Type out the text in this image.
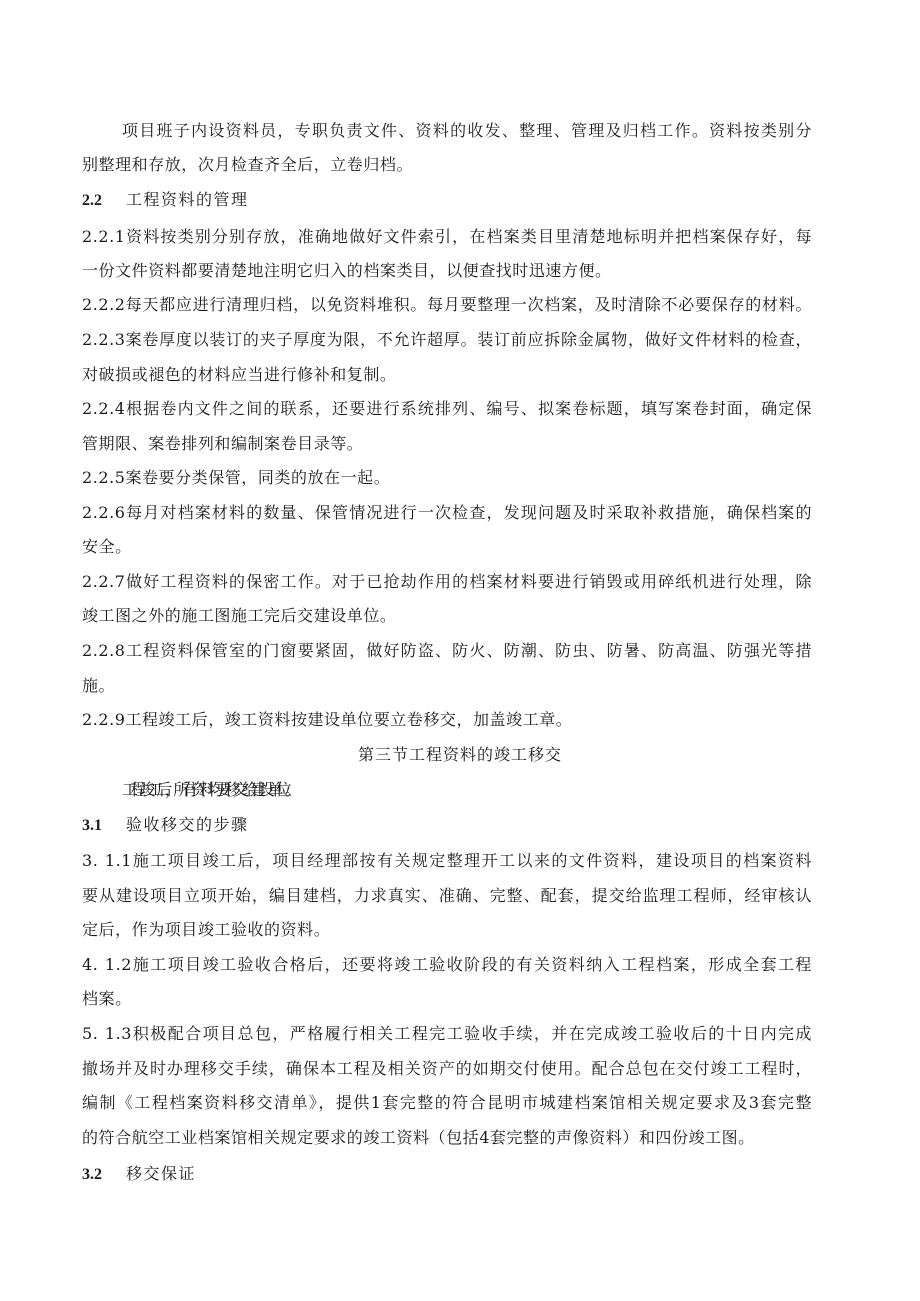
项目班子内设资料员，专职负责文件、资料的收发、整理、管理及归档工作。资料按类别分
别整理和存放，次月检查齐全后，立卷归档。
2.2 工程资料的管理
2.2.1资料按类别分别存放，准确地做好文件索引，在档案类目里清楚地标明并把档案保存好，每
一份文件资料都要清楚地注明它归入的档案类目，以便查找时迅速方便。
2.2.2每天都应进行清理归档，以免资料堆积。每月要整理一次档案，及时清除不必要保存的材料。
2.2.3案卷厚度以装订的夹子厚度为限，不允许超厚。装订前应拆除金属物，做好文件材料的检查，
对破损或褪色的材料应当进行修补和复制。
2.2.4根据卷内文件之间的联系，还要进行系统排列、编号、拟案卷标题，填写案卷封面，确定保
管期限、案卷排列和编制案卷目录等。
2.2.5案卷要分类保管，同类的放在一起。
2.2.6每月对档案材料的数量、保管情况进行一次检查，发现问题及时采取补救措施，确保档案的
安全。
2.2.7做好工程资料的保密工作。对于已抢劫作用的档案材料要进行销毁或用碎纸机进行处理，除
竣工图之外的施工图施工完后交建设单位。
2.2.8工程资料保管室的门窗要紧固，做好防盗、防火、防潮、防虫、防暑、防高温、防强光等措
施。
2.2.9工程竣工后，竣工资料按建设单位要立卷移交，加盖竣工章。
第三节工程资料的竣工移交
工程竣工后，所有资料均要移交给建设单位。
3.1 验收移交的步骤
3. 1.1施工项目竣工后，项目经理部按有关规定整理开工以来的文件资料，建设项目的档案资料
要从建设项目立项开始，编目建档，力求真实、准确、完整、配套，提交给监理工程师，经审核认
定后，作为项目竣工验收的资料。
4. 1.2施工项目竣工验收合格后，还要将竣工验收阶段的有关资料纳入工程档案，形成全套工程
档案。
5. 1.3积极配合项目总包，严格履行相关工程完工验收手续，并在完成竣工验收后的十日内完成
撤场并及时办理移交手续，确保本工程及相关资产的如期交付使用。配合总包在交付竣工工程时，
编制《工程档案资料移交清单》，提供1套完整的符合昆明市城建档案馆相关规定要求及3套完整
的符合航空工业档案馆相关规定要求的竣工资料（包括4套完整的声像资料）和四份竣工图。
3.2 移交保证
